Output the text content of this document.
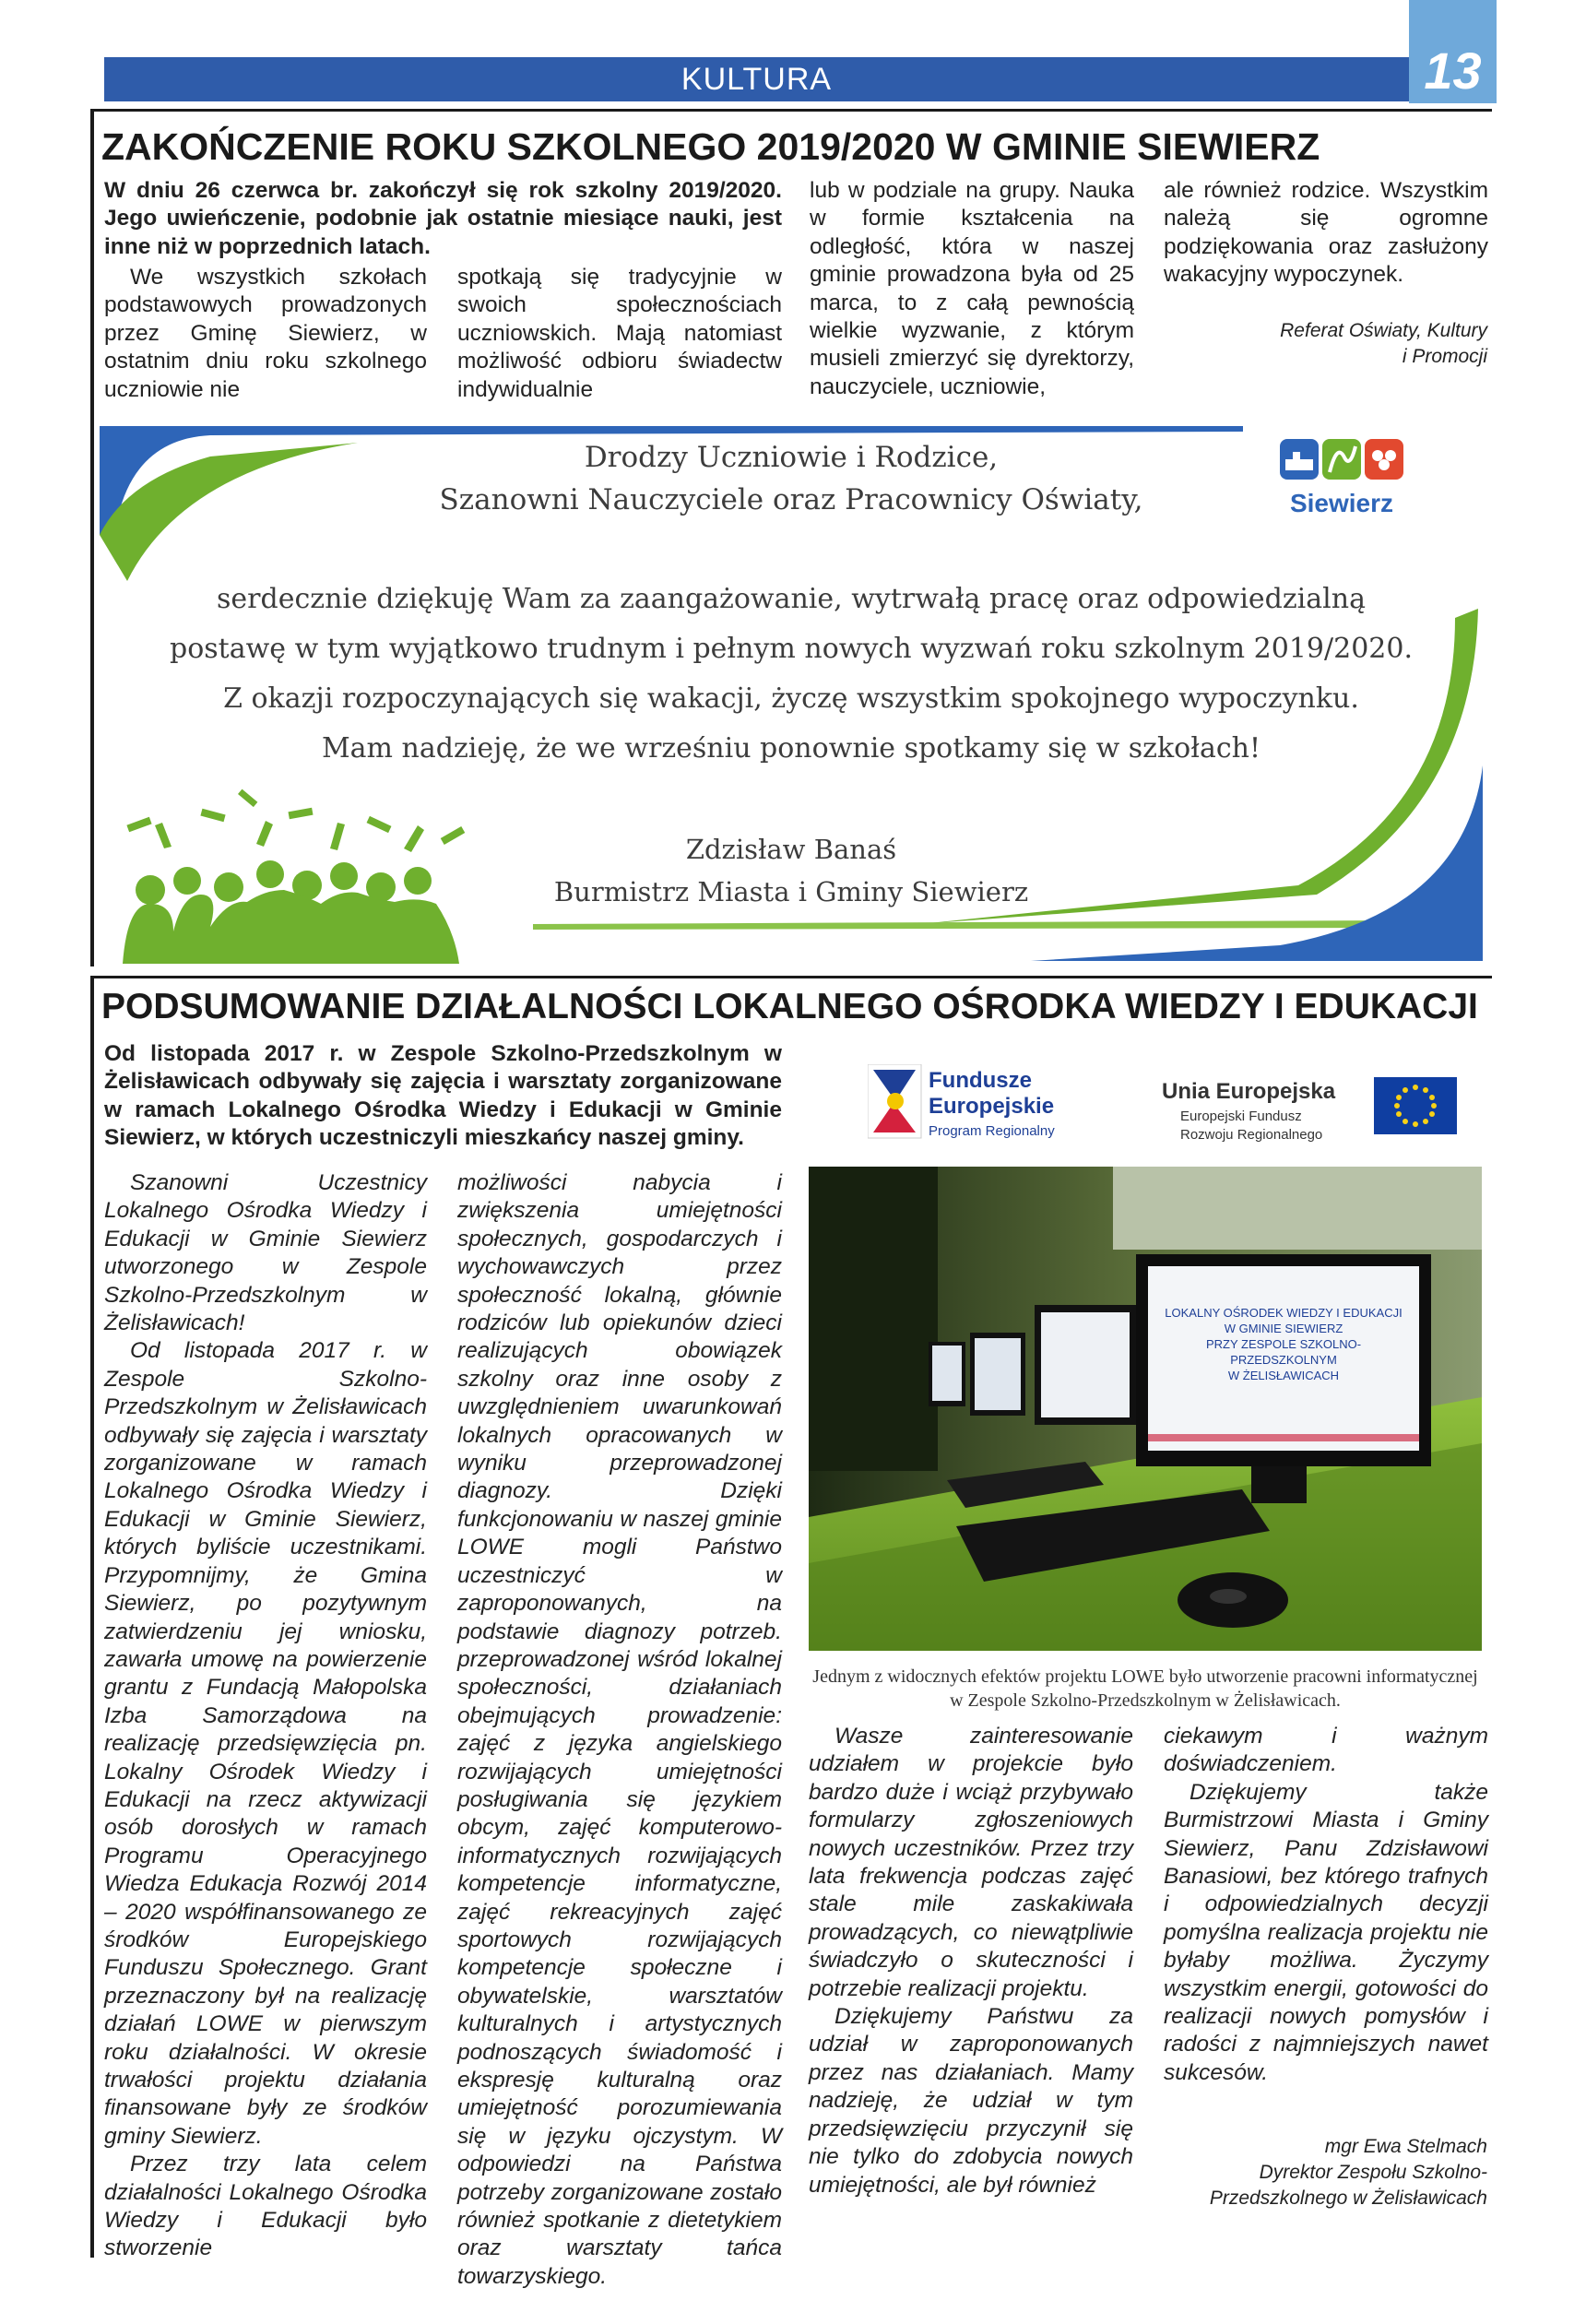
KULTURA	13
ZAKOŃCZENIE ROKU SZKOLNEGO 2019/2020 W GMINIE SIEWIERZ
W dniu 26 czerwca br. zakończył się rok szkolny 2019/2020. Jego uwieńczenie, podobnie jak ostatnie miesiące nauki, jest inne niż w poprzednich latach.
We wszystkich szkołach podstawowych prowadzonych przez Gminę Siewierz, w ostatnim dniu roku szkolnego uczniowie nie
spotkają się tradycyjnie w swoich społecznościach uczniowskich. Mają natomiast możliwość odbioru świadectw indywidualnie
lub w podziale na grupy. Nauka w formie kształcenia na odległość, która w naszej gminie prowadzona była od 25 marca, to z całą pewnością wielkie wyzwanie, z którym musieli zmierzyć się dyrektorzy, nauczyciele, uczniowie,
ale również rodzice. Wszystkim należą się ogromne podziękowania oraz zasłużony wakacyjny wypoczynek.
Referat Oświaty, Kultury
i Promocji
Drodzy Uczniowie i Rodzice,
Szanowni Nauczyciele oraz Pracownicy Oświaty,
serdecznie dziękuję Wam za zaangażowanie, wytrwałą pracę oraz odpowiedzialną
postawę w tym wyjątkowo trudnym i pełnym nowych wyzwań roku szkolnym 2019/2020.
Z okazji rozpoczynających się wakacji, życzę wszystkim spokojnego wypoczynku.
Mam nadzieję, że we wrześniu ponownie spotkamy się w szkołach!
Zdzisław Banaś
Burmistrz Miasta i Gminy Siewierz
Siewierz
PODSUMOWANIE DZIAŁALNOŚCI LOKALNEGO OŚRODKA WIEDZY I EDUKACJI
Od listopada 2017 r. w Zespole Szkolno-Przedszkolnym w Żelisławicach odbywały się zajęcia i warsztaty zorganizowane w ramach Lokalnego Ośrodka Wiedzy i Edukacji w Gminie Siewierz, w których uczestniczyli mieszkańcy naszej gminy.

Szanowni Uczestnicy Lokalnego Ośrodka Wiedzy i Edukacji w Gminie Siewierz utworzonego w Zespole Szkolno-Przedszkolnym w Żelisławicach!

Od listopada 2017 r. w Zespole Szkolno-Przedszkolnym w Żelisławicach odbywały się zajęcia i warsztaty zorganizowane w ramach Lokalnego Ośrodka Wiedzy i Edukacji w Gminie Siewierz, których byliście uczestnikami. Przypomnijmy, że Gmina Siewierz, po pozytywnym zatwierdzeniu jej wniosku, zawarła umowę na powierzenie grantu z Fundacją Małopolska Izba Samorządowa na realizację przedsięwzięcia pn. Lokalny Ośrodek Wiedzy i Edukacji na rzecz aktywizacji osób dorosłych w ramach Programu Operacyjnego Wiedza Edukacja Rozwój 2014 – 2020 współfinansowanego ze środków Europejskiego Funduszu Społecznego. Grant przeznaczony był na realizację działań LOWE w pierwszym roku działalności. W okresie trwałości projektu działania finansowane były ze środków gminy Siewierz.

Przez trzy lata celem działalności Lokalnego Ośrodka Wiedzy i Edukacji było stworzenie

możliwości nabycia i zwiększenia umiejętności społecznych, gospodarczych i wychowawczych przez społeczność lokalną, głównie rodziców lub opiekunów dzieci realizujących obowiązek szkolny oraz inne osoby z uwzględnieniem uwarunkowań lokalnych opracowanych w wyniku przeprowadzonej diagnozy. Dzięki funkcjonowaniu w naszej gminie LOWE mogli Państwo uczestniczyć w zaproponowanych, na podstawie diagnozy potrzeb. przeprowadzonej wśród lokalnej społeczności, działaniach obejmujących prowadzenie: zajęć z języka angielskiego rozwijających umiejętności posługiwania się językiem obcym, zajęć komputerowo-informatycznych rozwijających kompetencje informatyczne, zajęć rekreacyjnych zajęć sportowych rozwijających kompetencje społeczne i obywatelskie, warsztatów kulturalnych i artystycznych podnoszących świadomość i ekspresję kulturalną oraz umiejętność porozumiewania się w języku ojczystym. W odpowiedzi na Państwa potrzeby zorganizowane zostało również spotkanie z dietetykiem oraz warsztaty tańca towarzyskiego.

Fundusze
Europejskie
Program Regionalny
Unia Europejska
Europejski Fundusz
Rozwoju Regionalnego
LOKALNY OŚRODEK WIEDZY I EDUKACJI
W GMINIE SIEWIERZ
PRZY ZESPOLE SZKOLNO-PRZEDSZKOLNYM
W ŻELISŁAWICACH
Jednym z widocznych efektów projektu LOWE było utworzenie pracowni informatycznej w Zespole Szkolno-Przedszkolnym w Żelisławicach.

Wasze zainteresowanie udziałem w projekcie było bardzo duże i wciąż przybywało formularzy zgłoszeniowych nowych uczestników. Przez trzy lata frekwencja podczas zajęć stale mile zaskakiwała prowadzących, co niewątpliwie świadczyło o skuteczności i potrzebie realizacji projektu.

Dziękujemy Państwu za udział w zaproponowanych przez nas działaniach. Mamy nadzieję, że udział w tym przedsięwzięciu przyczynił się nie tylko do zdobycia nowych umiejętności, ale był również

ciekawym i ważnym doświadczeniem.

Dziękujemy także Burmistrzowi Miasta i Gminy Siewierz, Panu Zdzisławowi Banasiowi, bez którego trafnych i odpowiedzialnych decyzji pomyślna realizacja projektu nie byłaby możliwa. Życzymy wszystkim energii, gotowości do realizacji nowych pomysłów i radości z najmniejszych nawet sukcesów.

mgr Ewa Stelmach
Dyrektor Zespołu Szkolno-
Przedszkolnego w Żelisławicach
